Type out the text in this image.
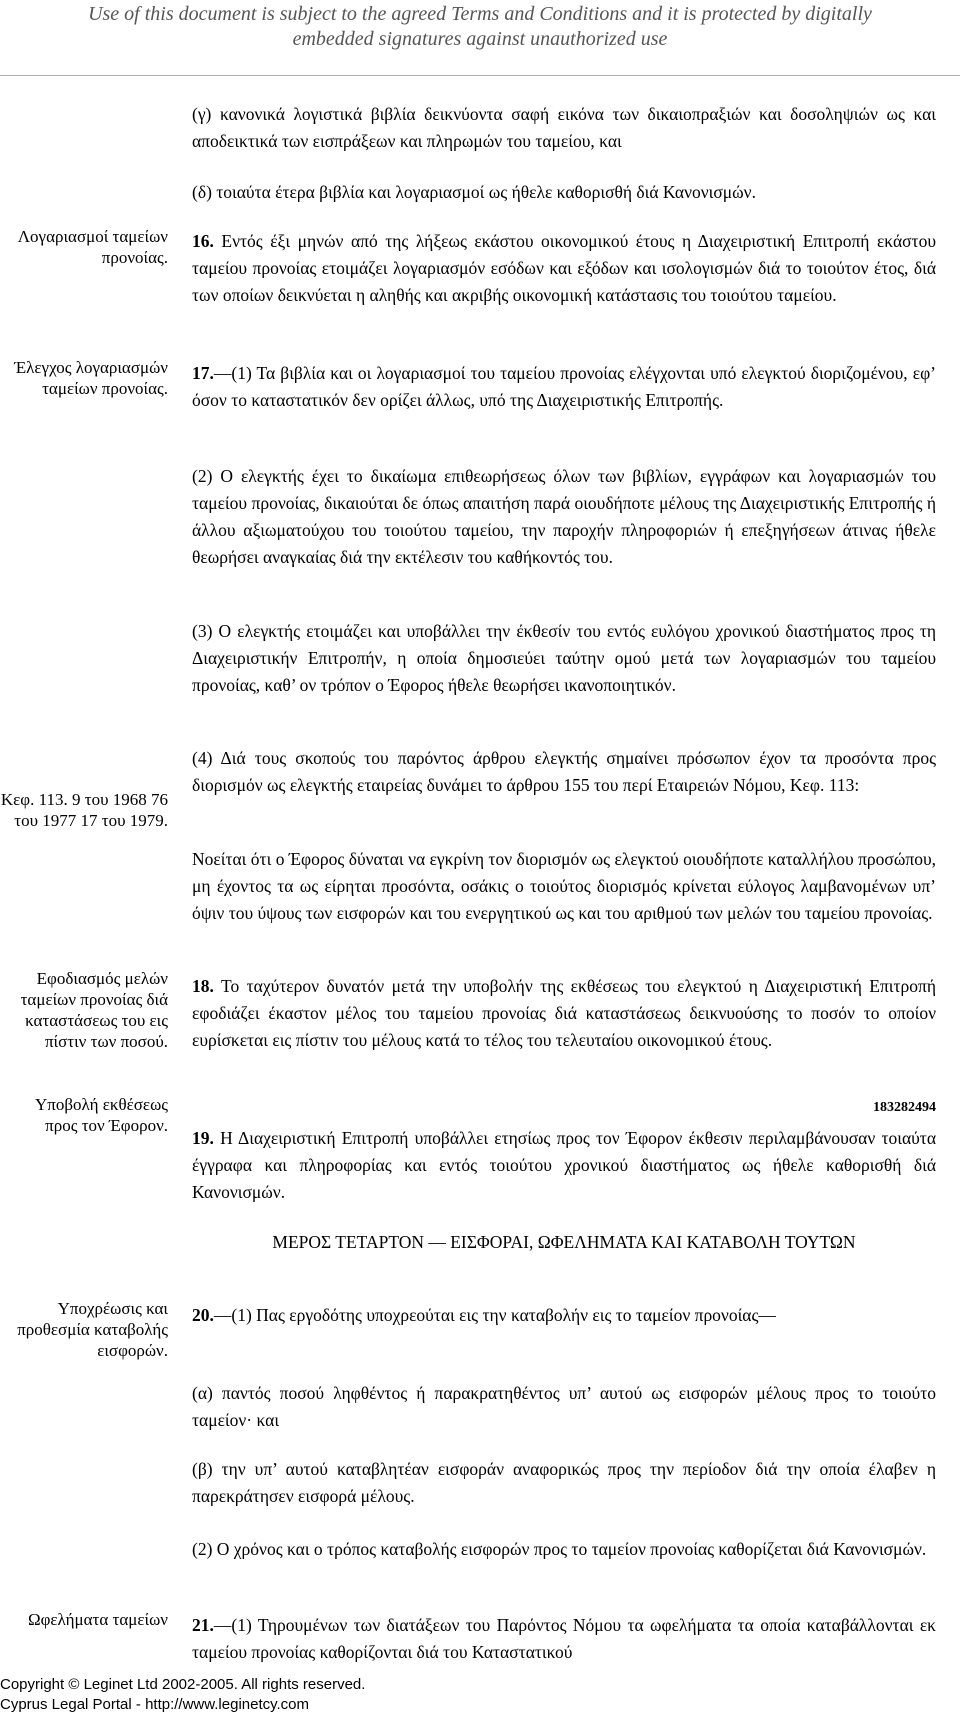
Use of this document is subject to the agreed Terms and Conditions and it is protected by digitally
embedded signatures against unauthorized use
Λογαριασμοί ταμείων προνοίας.
Έλεγχος λογαριασμών ταμείων προνοίας.
Κεφ. 113. 9 του 1968 76 του 1977 17 του 1979.
Εφοδιασμός μελών ταμείων προνοίας διά καταστάσεως του εις πίστιν των ποσού.
Υποβολή εκθέσεως προς τον Έφορον.
Υποχρέωσις και προθεσμία καταβολής εισφορών.
Ωφελήματα ταμείων
(γ) κανονικά λογιστικά βιβλία δεικνύοντα σαφή εικόνα των δικαιοπραξιών και δοσοληψιών ως και αποδεικτικά των εισπράξεων και πληρωμών του ταμείου, και
(δ) τοιαύτα έτερα βιβλία και λογαριασμοί ως ήθελε καθορισθή διά Κανονισμών.
16. Εντός έξι μηνών από της λήξεως εκάστου οικονομικού έτους η Διαχειριστική Επιτροπή εκάστου ταμείου προνοίας ετοιμάζει λογαριασμόν εσόδων και εξόδων και ισολογισμών διά το τοιούτον έτος, διά των οποίων δεικνύεται η αληθής και ακριβής οικονομική κατάστασις του τοιούτου ταμείου.
17.—(1) Τα βιβλία και οι λογαριασμοί του ταμείου προνοίας ελέγχονται υπό ελεγκτού διοριζομένου, εφ’ όσον το καταστατικόν δεν ορίζει άλλως, υπό της Διαχειριστικής Επιτροπής.
(2) Ο ελεγκτής έχει το δικαίωμα επιθεωρήσεως όλων των βιβλίων, εγγράφων και λογαριασμών του ταμείου προνοίας, δικαιούται δε όπως απαιτήση παρά οιουδήποτε μέλους της Διαχειριστικής Επιτροπής ή άλλου αξιωματούχου του τοιούτου ταμείου, την παροχήν πληροφοριών ή επεξηγήσεων άτινας ήθελε θεωρήσει αναγκαίας διά την εκτέλεσιν του καθήκοντός του.
(3) Ο ελεγκτής ετοιμάζει και υποβάλλει την έκθεσίν του εντός ευλόγου χρονικού διαστήματος προς τη Διαχειριστικήν Επιτροπήν, η οποία δημοσιεύει ταύτην ομού μετά των λογαριασμών του ταμείου προνοίας, καθ’ ον τρόπον ο Έφορος ήθελε θεωρήσει ικανοποιητικόν.
(4) Διά τους σκοπούς του παρόντος άρθρου ελεγκτής σημαίνει πρόσωπον έχον τα προσόντα προς διορισμόν ως ελεγκτής εταιρείας δυνάμει το άρθρου 155 του περί Εταιρειών Νόμου, Κεφ. 113:
Νοείται ότι ο Έφορος δύναται να εγκρίνη τον διορισμόν ως ελεγκτού οιουδήποτε καταλλήλου προσώπου, μη έχοντος τα ως είρηται προσόντα, οσάκις ο τοιούτος διορισμός κρίνεται εύλογος λαμβανομένων υπ’ όψιν του ύψους των εισφορών και του ενεργητικού ως και του αριθμού των μελών του ταμείου προνοίας.
18. Το ταχύτερον δυνατόν μετά την υποβολήν της εκθέσεως του ελεγκτού η Διαχειριστική Επιτροπή εφοδιάζει έκαστον μέλος του ταμείου προνοίας διά καταστάσεως δεικνυούσης το ποσόν το οποίον ευρίσκεται εις πίστιν του μέλους κατά το τέλος του τελευταίου οικονομικού έτους.
183282494
19. Η Διαχειριστική Επιτροπή υποβάλλει ετησίως προς τον Έφορον έκθεσιν περιλαμβάνουσαν τοιαύτα έγγραφα και πληροφορίας και εντός τοιούτου χρονικού διαστήματος ως ήθελε καθορισθή διά Κανονισμών.
ΜΕΡΟΣ ΤΕΤΑΡΤΟΝ — ΕΙΣΦΟΡΑΙ, ΩΦΕΛΗΜΑΤΑ ΚΑΙ ΚΑΤΑΒΟΛΗ ΤΟΥΤΩΝ
20.—(1) Πας εργοδότης υποχρεούται εις την καταβολήν εις το ταμείον προνοίας—
(α) παντός ποσού ληφθέντος ή παρακρατηθέντος υπ’ αυτού ως εισφορών μέλους προς το τοιούτο ταμείον· και
(β) την υπ’ αυτού καταβλητέαν εισφοράν αναφορικώς προς την περίοδον διά την οποία έλαβεν η παρεκράτησεν εισφορά μέλους.
(2) Ο χρόνος και ο τρόπος καταβολής εισφορών προς το ταμείον προνοίας καθορίζεται διά Κανονισμών.
21.—(1) Τηρουμένων των διατάξεων του Παρόντος Νόμου τα ωφελήματα τα οποία καταβάλλονται εκ ταμείου προνοίας καθορίζονται διά του Καταστατικού
Copyright © Leginet Ltd 2002-2005. All rights reserved.
Cyprus Legal Portal - http://www.leginetcy.com
